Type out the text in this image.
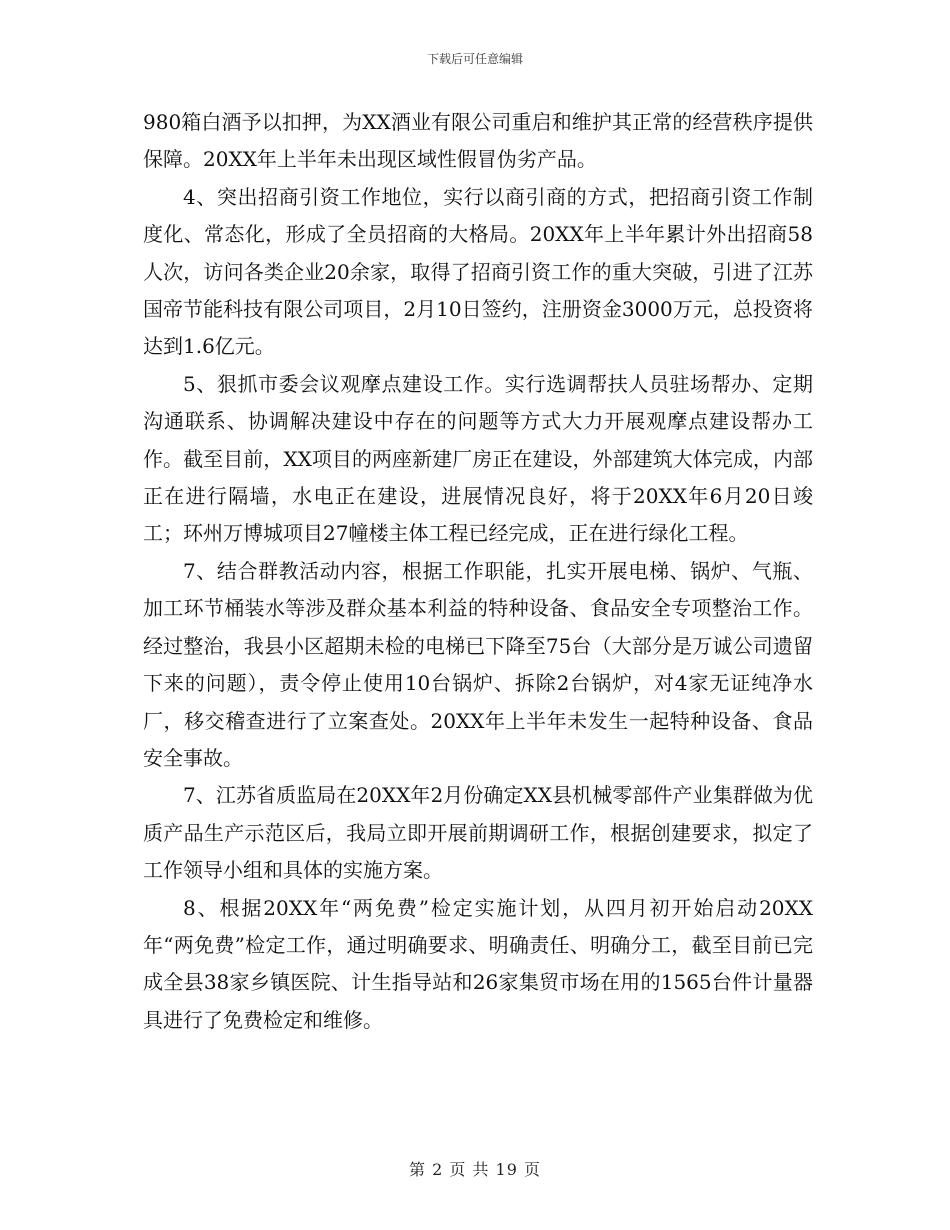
下载后可任意编辑

980箱白酒予以扣押，为XX酒业有限公司重启和维护其正常的经营秩序提供保障。20XX年上半年未出现区域性假冒伪劣产品。

4、突出招商引资工作地位，实行以商引商的方式，把招商引资工作制度化、常态化，形成了全员招商的大格局。20XX年上半年累计外出招商58人次，访问各类企业20余家，取得了招商引资工作的重大突破，引进了江苏国帝节能科技有限公司项目，2月10日签约，注册资金3000万元，总投资将达到1.6亿元。

5、狠抓市委会议观摩点建设工作。实行选调帮扶人员驻场帮办、定期沟通联系、协调解决建设中存在的问题等方式大力开展观摩点建设帮办工作。截至目前，XX项目的两座新建厂房正在建设，外部建筑大体完成，内部正在进行隔墙，水电正在建设，进展情况良好，将于20XX年6月20日竣工；环州万博城项目27幢楼主体工程已经完成，正在进行绿化工程。

7、结合群教活动内容，根据工作职能，扎实开展电梯、锅炉、气瓶、加工环节桶装水等涉及群众基本利益的特种设备、食品安全专项整治工作。经过整治，我县小区超期未检的电梯已下降至75台（大部分是万诚公司遗留下来的问题），责令停止使用10台锅炉、拆除2台锅炉，对4家无证纯净水厂，移交稽查进行了立案查处。20XX年上半年未发生一起特种设备、食品安全事故。

7、江苏省质监局在20XX年2月份确定XX县机械零部件产业集群做为优质产品生产示范区后，我局立即开展前期调研工作，根据创建要求，拟定了工作领导小组和具体的实施方案。

8、根据20XX年“两免费”检定实施计划，从四月初开始启动20XX年“两免费”检定工作，通过明确要求、明确责任、明确分工，截至目前已完成全县38家乡镇医院、计生指导站和26家集贸市场在用的1565台件计量器具进行了免费检定和维修。

第 2 页 共 19 页
